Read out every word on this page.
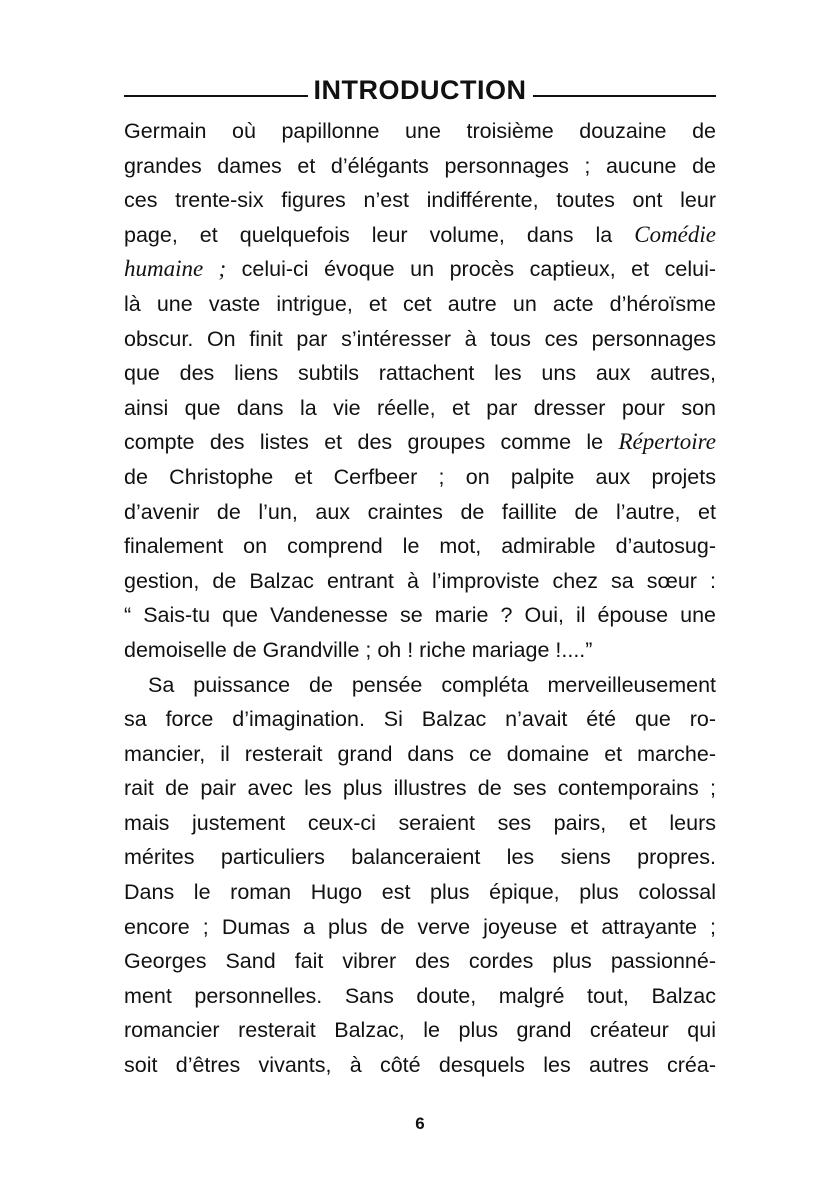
INTRODUCTION
Germain où papillonne une troisième douzaine de
grandes dames et d’élégants personnages ; aucune de
ces trente-six figures n’est indifférente, toutes ont leur
page, et quelquefois leur volume, dans la Comédie
humaine ; celui-ci évoque un procès captieux, et celui-
là une vaste intrigue, et cet autre un acte d’héroïsme
obscur. On finit par s’intéresser à tous ces personnages
que des liens subtils rattachent les uns aux autres,
ainsi que dans la vie réelle, et par dresser pour son
compte des listes et des groupes comme le Répertoire
de Christophe et Cerfbeer ; on palpite aux projets
d’avenir de l’un, aux craintes de faillite de l’autre, et
finalement on comprend le mot, admirable d’autosug-
gestion, de Balzac entrant à l’improviste chez sa sœur :
“ Sais-tu que Vandenesse se marie ? Oui, il épouse une
demoiselle de Grandville ; oh ! riche mariage !....”
Sa puissance de pensée compléta merveilleusement
sa force d’imagination. Si Balzac n’avait été que ro-
mancier, il resterait grand dans ce domaine et marche-
rait de pair avec les plus illustres de ses contemporains ;
mais justement ceux-ci seraient ses pairs, et leurs
mérites particuliers balanceraient les siens propres.
Dans le roman Hugo est plus épique, plus colossal
encore ; Dumas a plus de verve joyeuse et attrayante ;
Georges Sand fait vibrer des cordes plus passionné-
ment personnelles. Sans doute, malgré tout, Balzac
romancier resterait Balzac, le plus grand créateur qui
soit d’êtres vivants, à côté desquels les autres créa-
6
